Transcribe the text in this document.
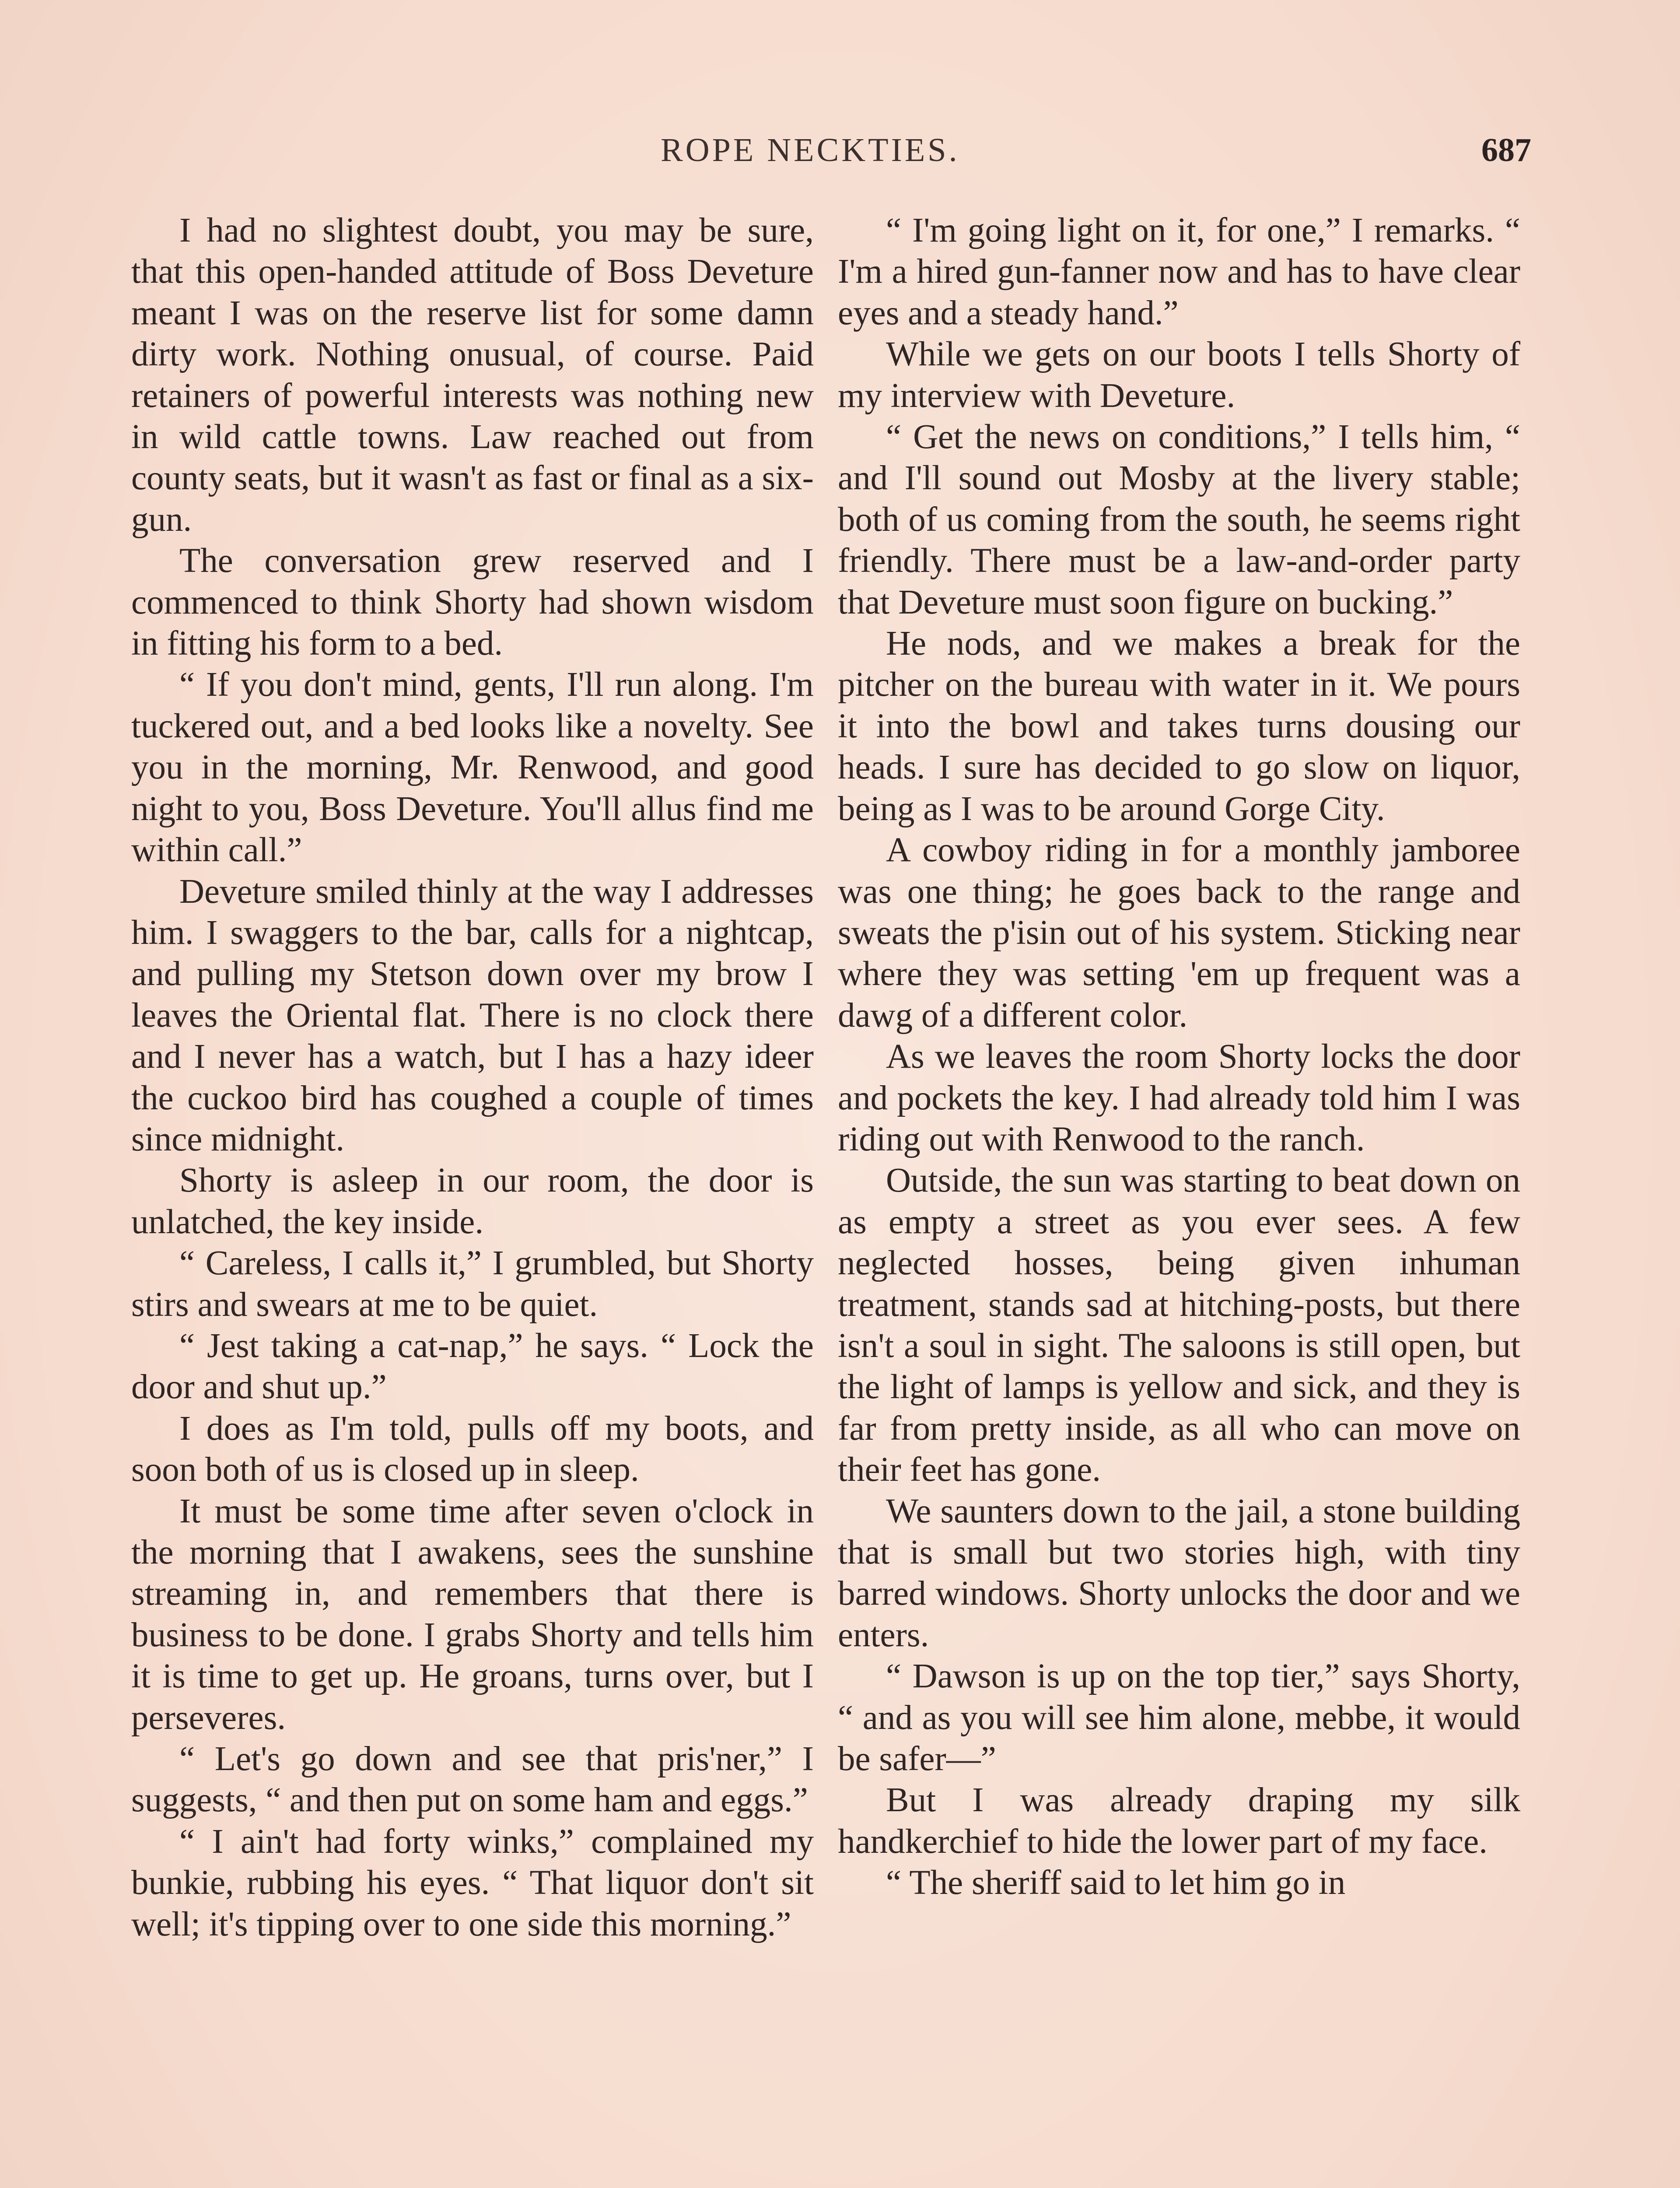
ROPE NECKTIES.	687

I had no slightest doubt, you may be sure, that this open-handed attitude of Boss Deveture meant I was on the reserve list for some damn dirty work. Nothing onusual, of course. Paid retainers of powerful interests was nothing new in wild cattle towns. Law reached out from county seats, but it wasn't as fast or final as a six-gun.

The conversation grew reserved and I commenced to think Shorty had shown wisdom in fitting his form to a bed.

“ If you don't mind, gents, I'll run along. I'm tuckered out, and a bed looks like a novelty. See you in the morning, Mr. Renwood, and good night to you, Boss Deveture. You'll allus find me within call.”

Deveture smiled thinly at the way I addresses him. I swaggers to the bar, calls for a nightcap, and pulling my Stetson down over my brow I leaves the Oriental flat. There is no clock there and I never has a watch, but I has a hazy ideer the cuckoo bird has coughed a couple of times since midnight.

Shorty is asleep in our room, the door is unlatched, the key inside.

“ Careless, I calls it,” I grumbled, but Shorty stirs and swears at me to be quiet.

“ Jest taking a cat-nap,” he says. “ Lock the door and shut up.”

I does as I'm told, pulls off my boots, and soon both of us is closed up in sleep.

It must be some time after seven o'clock in the morning that I awakens, sees the sunshine streaming in, and remembers that there is business to be done. I grabs Shorty and tells him it is time to get up. He groans, turns over, but I perseveres.

“ Let's go down and see that pris'ner,” I suggests, “ and then put on some ham and eggs.”

“ I ain't had forty winks,” complained my bunkie, rubbing his eyes. “ That liquor don't sit well; it's tipping over to one side this morning.”

“ I'm going light on it, for one,” I remarks. “ I'm a hired gun-fanner now and has to have clear eyes and a steady hand.”

While we gets on our boots I tells Shorty of my interview with Deveture.

“ Get the news on conditions,” I tells him, “ and I'll sound out Mosby at the livery stable; both of us coming from the south, he seems right friendly. There must be a law-and-order party that Deveture must soon figure on bucking.”

He nods, and we makes a break for the pitcher on the bureau with water in it. We pours it into the bowl and takes turns dousing our heads. I sure has decided to go slow on liquor, being as I was to be around Gorge City.

A cowboy riding in for a monthly jamboree was one thing; he goes back to the range and sweats the p'isin out of his system. Sticking near where they was setting 'em up frequent was a dawg of a different color.

As we leaves the room Shorty locks the door and pockets the key. I had already told him I was riding out with Renwood to the ranch.

Outside, the sun was starting to beat down on as empty a street as you ever sees. A few neglected hosses, being given inhuman treatment, stands sad at hitching-posts, but there isn't a soul in sight. The saloons is still open, but the light of lamps is yellow and sick, and they is far from pretty inside, as all who can move on their feet has gone.

We saunters down to the jail, a stone building that is small but two stories high, with tiny barred windows. Shorty unlocks the door and we enters.

“ Dawson is up on the top tier,” says Shorty, “ and as you will see him alone, mebbe, it would be safer—”

But I was already draping my silk handkerchief to hide the lower part of my face.

“ The sheriff said to let him go in
